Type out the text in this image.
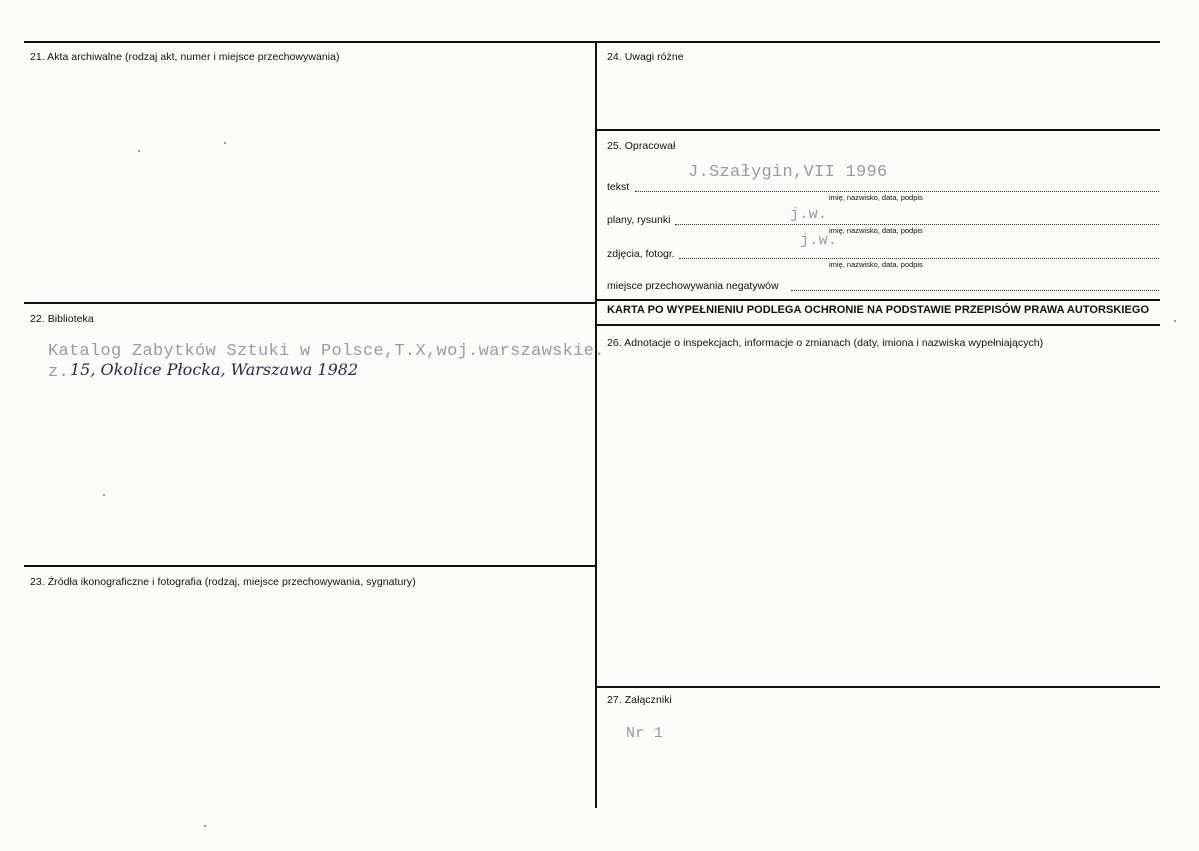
21. Akta archiwalne (rodzaj akt, numer i miejsce przechowywania)
22. Biblioteka
Katalog Zabytków Sztuki w Polsce,T.X,woj.warszawskie.
z. 15, Okolice Płocka, Warszawa 1982
23. Źródła ikonograficzne i fotografia (rodzaj, miejsce przechowywania, sygnatury)
24. Uwagi różne
25. Opracował
J.Szałygin,VII 1996
tekst
imię, nazwisko, data, podpis
j.w.
plany, rysunki
imię, nazwisko, data, podpis
j.w.
zdjęcia, fotogr.
imię, nazwisko, data, podpis
miejsce przechowywania negatywów
KARTA PO WYPEŁNIENIU PODLEGA OCHRONIE NA PODSTAWIE PRZEPISÓW PRAWA AUTORSKIEGO
26. Adnotacje o inspekcjach, informacje o zmianach (daty, imiona i nazwiska wypełniających)
27. Załączniki
Nr 1
